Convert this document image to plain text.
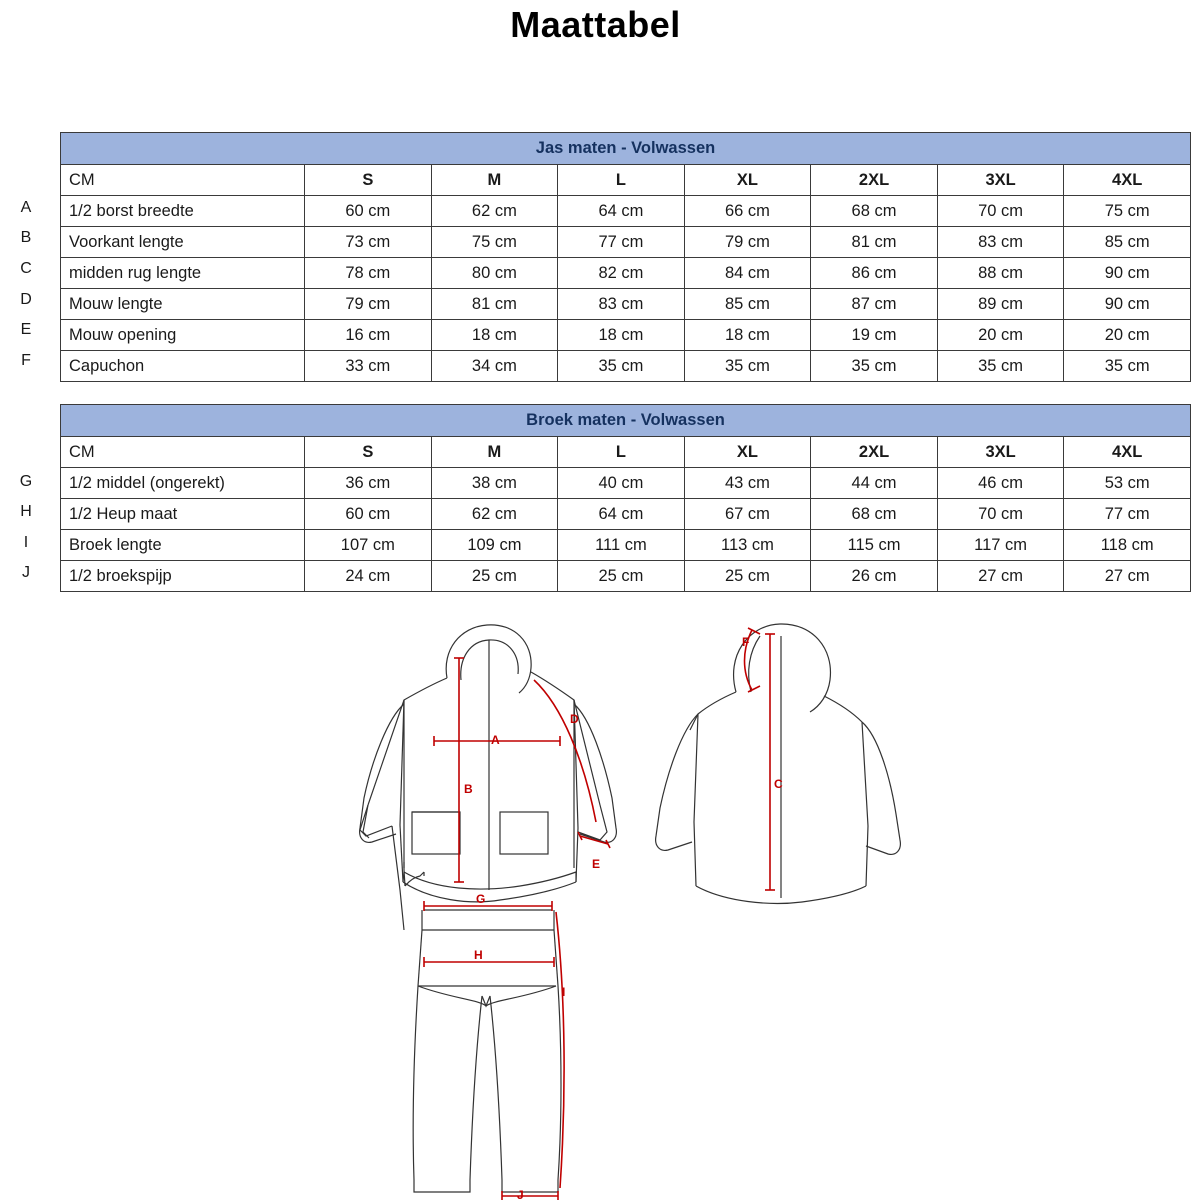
Maattabel
A
B
C
D
E
F
G
H
I
J
Jas maten - Volwassen							
CM	S	M	L	XL	2XL	3XL	4XL
1/2 borst breedte	60 cm	62 cm	64 cm	66 cm	68 cm	70 cm	75 cm
Voorkant lengte	73 cm	75 cm	77 cm	79 cm	81 cm	83 cm	85 cm
midden rug lengte	78 cm	80 cm	82 cm	84 cm	86 cm	88 cm	90 cm
Mouw lengte	79 cm	81 cm	83 cm	85 cm	87 cm	89 cm	90 cm
Mouw opening	16 cm	18 cm	18 cm	18 cm	19 cm	20 cm	20 cm
Capuchon	33 cm	34 cm	35 cm	35 cm	35 cm	35 cm	35 cm
Broek maten - Volwassen							
CM	S	M	L	XL	2XL	3XL	4XL
1/2 middel (ongerekt)	36 cm	38 cm	40 cm	43 cm	44 cm	46 cm	53 cm
1/2 Heup maat	60 cm	62 cm	64 cm	67 cm	68 cm	70 cm	77 cm
Broek lengte	107 cm	109 cm	111 cm	113 cm	115 cm	117 cm	118 cm
1/2 broekspijp	24 cm	25 cm	25 cm	25 cm	26 cm	27 cm	27 cm
A
B
D
E
F
C
G
H
I
J
